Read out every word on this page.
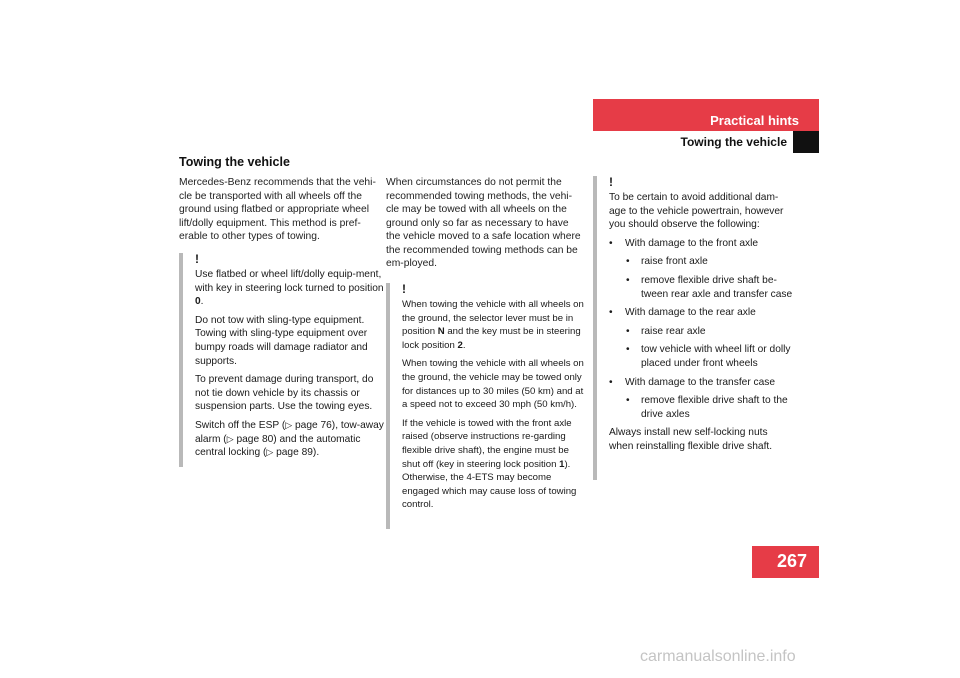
Practical hints
Towing the vehicle
Towing the vehicle

Mercedes-Benz recommends that the vehi-cle be transported with all wheels off the ground using flatbed or appropriate wheel lift/dolly equipment. This method is pref-erable to other types of towing.

!

Use flatbed or wheel lift/dolly equip-ment, with key in steering lock turned to position 0.

Do not tow with sling-type equipment. Towing with sling-type equipment over bumpy roads will damage radiator and supports.

To prevent damage during transport, do not tie down vehicle by its chassis or suspension parts. Use the towing eyes.

Switch off the ESP (▷ page 76), tow-away alarm (▷ page 80) and the automatic central locking (▷ page 89).

When circumstances do not permit the recommended towing methods, the vehi-cle may be towed with all wheels on the ground only so far as necessary to have the vehicle moved to a safe location where the recommended towing methods can be em-ployed.

!

When towing the vehicle with all wheels on the ground, the selector lever must be in position N and the key must be in steering lock position 2.

When towing the vehicle with all wheels on the ground, the vehicle may be towed only for distances up to 30 miles (50 km) and at a speed not to exceed 30 mph (50 km/h).

If the vehicle is towed with the front axle raised (observe instructions re-garding flexible drive shaft), the engine must be shut off (key in steering lock position 1). Otherwise, the 4-ETS may become engaged which may cause loss of towing control.

!

To be certain to avoid additional dam-age to the vehicle powertrain, however you should observe the following:

• With damage to the front axle
• raise front axle
• remove flexible drive shaft be-tween rear axle and transfer case
• With damage to the rear axle
• raise rear axle
• tow vehicle with wheel lift or dolly placed under front wheels
• With damage to the transfer case
• remove flexible drive shaft to the drive axles

Always install new self-locking nuts when reinstalling flexible drive shaft.

267
carmanualsonline.info
